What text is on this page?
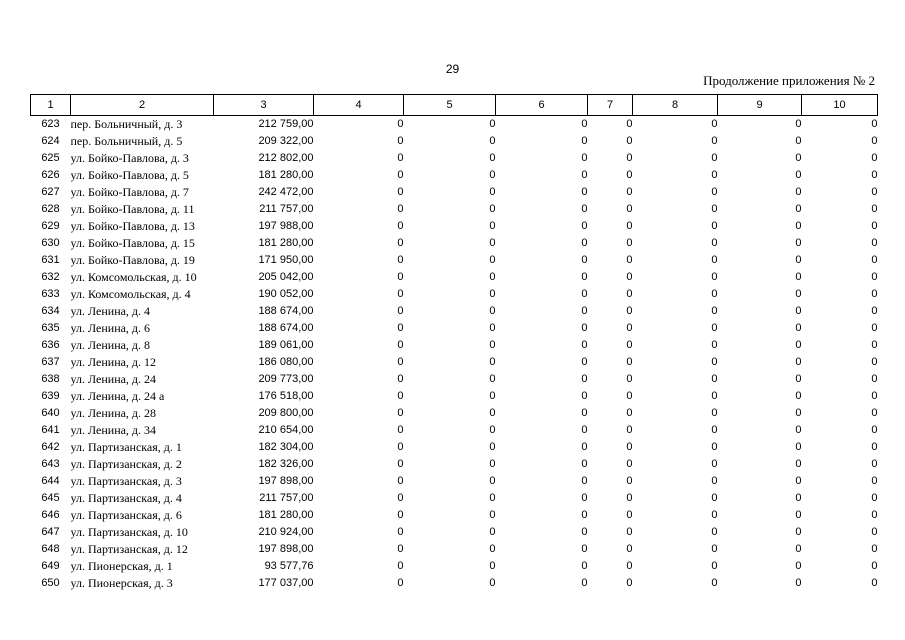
29
Продолжение приложения № 2
1	2	3	4	5	6	7	8	9	10
623	пер. Больничный, д. 3	212 759,00	0	0	0	0	0	0	0
624	пер. Больничный, д. 5	209 322,00	0	0	0	0	0	0	0
625	ул. Бойко-Павлова, д. 3	212 802,00	0	0	0	0	0	0	0
626	ул. Бойко-Павлова, д. 5	181 280,00	0	0	0	0	0	0	0
627	ул. Бойко-Павлова, д. 7	242 472,00	0	0	0	0	0	0	0
628	ул. Бойко-Павлова, д. 11	211 757,00	0	0	0	0	0	0	0
629	ул. Бойко-Павлова, д. 13	197 988,00	0	0	0	0	0	0	0
630	ул. Бойко-Павлова, д. 15	181 280,00	0	0	0	0	0	0	0
631	ул. Бойко-Павлова, д. 19	171 950,00	0	0	0	0	0	0	0
632	ул. Комсомольская, д. 10	205 042,00	0	0	0	0	0	0	0
633	ул. Комсомольская, д. 4	190 052,00	0	0	0	0	0	0	0
634	ул. Ленина, д. 4	188 674,00	0	0	0	0	0	0	0
635	ул. Ленина, д. 6	188 674,00	0	0	0	0	0	0	0
636	ул. Ленина, д. 8	189 061,00	0	0	0	0	0	0	0
637	ул. Ленина, д. 12	186 080,00	0	0	0	0	0	0	0
638	ул. Ленина, д. 24	209 773,00	0	0	0	0	0	0	0
639	ул. Ленина, д. 24 а	176 518,00	0	0	0	0	0	0	0
640	ул. Ленина, д. 28	209 800,00	0	0	0	0	0	0	0
641	ул. Ленина, д. 34	210 654,00	0	0	0	0	0	0	0
642	ул. Партизанская, д. 1	182 304,00	0	0	0	0	0	0	0
643	ул. Партизанская, д. 2	182 326,00	0	0	0	0	0	0	0
644	ул. Партизанская, д. 3	197 898,00	0	0	0	0	0	0	0
645	ул. Партизанская, д. 4	211 757,00	0	0	0	0	0	0	0
646	ул. Партизанская, д. 6	181 280,00	0	0	0	0	0	0	0
647	ул. Партизанская, д. 10	210 924,00	0	0	0	0	0	0	0
648	ул. Партизанская, д. 12	197 898,00	0	0	0	0	0	0	0
649	ул. Пионерская, д. 1	93 577,76	0	0	0	0	0	0	0
650	ул. Пионерская, д. 3	177 037,00	0	0	0	0	0	0	0
